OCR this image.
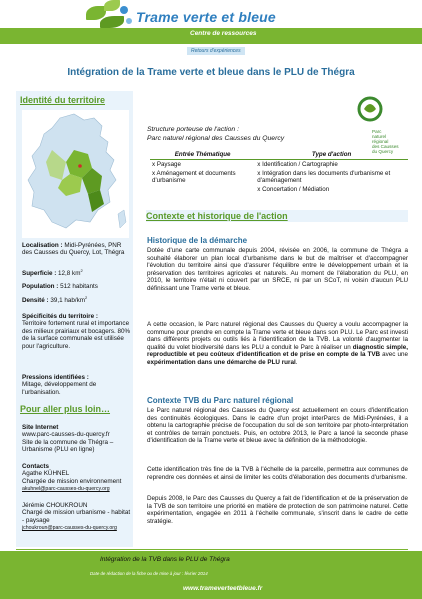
Trame verte et bleue
Centre de ressources
Retours d'expériences
Intégration de la Trame verte et bleue dans le PLU de Thégra
Identité du territoire
Localisation : Midi-Pyrénées, PNR des Causses du Quercy, Lot, Thégra
Superficie : 12,8 $km^2$
Population : 512 habitants
Densité : 39,1 hab/$km^2$
Spécificités du territoire :
Territoire fortement rural et importance des milieux prairiaux et bocagers. 80% de la surface communale est utilisée pour l'agriculture.
Pressions identifiées :
Mitage, développement de l'urbanisation.
Pour aller plus loin…
Site Internet
www.parc-causses-du-quercy.fr
Site de la commune de Thégra – Urbanisme (PLU en ligne)
Contacts
Agathe KÜHNEL
Chargée de mission environnement
akuhnel@parc-causses-du-quercy.org
Jérémie CHOUKROUN
Chargé de mission urbanisme - habitat - paysage
jchoukroun@parc-causses-du-quercy.org
Structure porteuse de l'action :
Parc naturel régional des Causses du Quercy
Parc
naturel
régional
des Causses
du Quercy
Entrée Thématique	Type d'action
x Paysage	x Identification / Cartographie
x Aménagement et documents d'urbanisme	x Intégration dans les documents d'urbanisme et d'aménagement
	x Concertation / Médiation
Contexte et historique de l'action
Historique de la démarche

Dotée d'une carte communale depuis 2004, révisée en 2006, la commune de Thégra a souhaité élaborer un plan local d'urbanisme dans le but de maîtriser et d'accompagner l'évolution du territoire ainsi que d'assurer l'équilibre entre le développement urbain et la préservation des territoires agricoles et naturels. Au moment de l'élaboration du PLU, en 2010, le territoire n'était ni couvert par un SRCE, ni par un SCoT, ni voisin d'aucun PLU définissant une Trame verte et bleue.

A cette occasion, le Parc naturel régional des Causses du Quercy a voulu accompagner la commune pour prendre en compte la Trame verte et bleue dans son PLU. Le Parc est investi dans différents projets ou outils liés à l'identification de la TVB. La volonté d'augmenter la qualité du volet biodiversité dans les PLU a conduit le Parc à réaliser un diagnostic simple, reproductible et peu coûteux d'identification et de prise en compte de la TVB avec une expérimentation dans une démarche de PLU rural.

Contexte TVB du Parc naturel régional

Le Parc naturel régional des Causses du Quercy est actuellement en cours d'identification des continuités écologiques. Dans le cadre d'un projet interParcs de Midi-Pyrénées, il a obtenu la cartographie précise de l'occupation du sol de son territoire par photo-interprétation et contrôles de terrain ponctuels. Puis, en octobre 2013, le Parc a lancé la seconde phase d'identification de la Trame verte et bleue avec la définition de la méthodologie.

Cette identification très fine de la TVB à l'échelle de la parcelle, permettra aux communes de reprendre ces données et ainsi de limiter les coûts d'élaboration des documents d'urbanisme.

Depuis 2008, le Parc des Causses du Quercy a fait de l'identification et de la préservation de la TVB de son territoire une priorité en matière de protection de son patrimoine naturel. Cette expérimentation, engagée en 2011 à l'échelle communale, s'inscrit dans le cadre de cette stratégie.

Intégration de la TVB dans le PLU de Thégra
Date de rédaction de la fiche ou de mise à jour : février 2014
www.trameverteetbleue.fr
